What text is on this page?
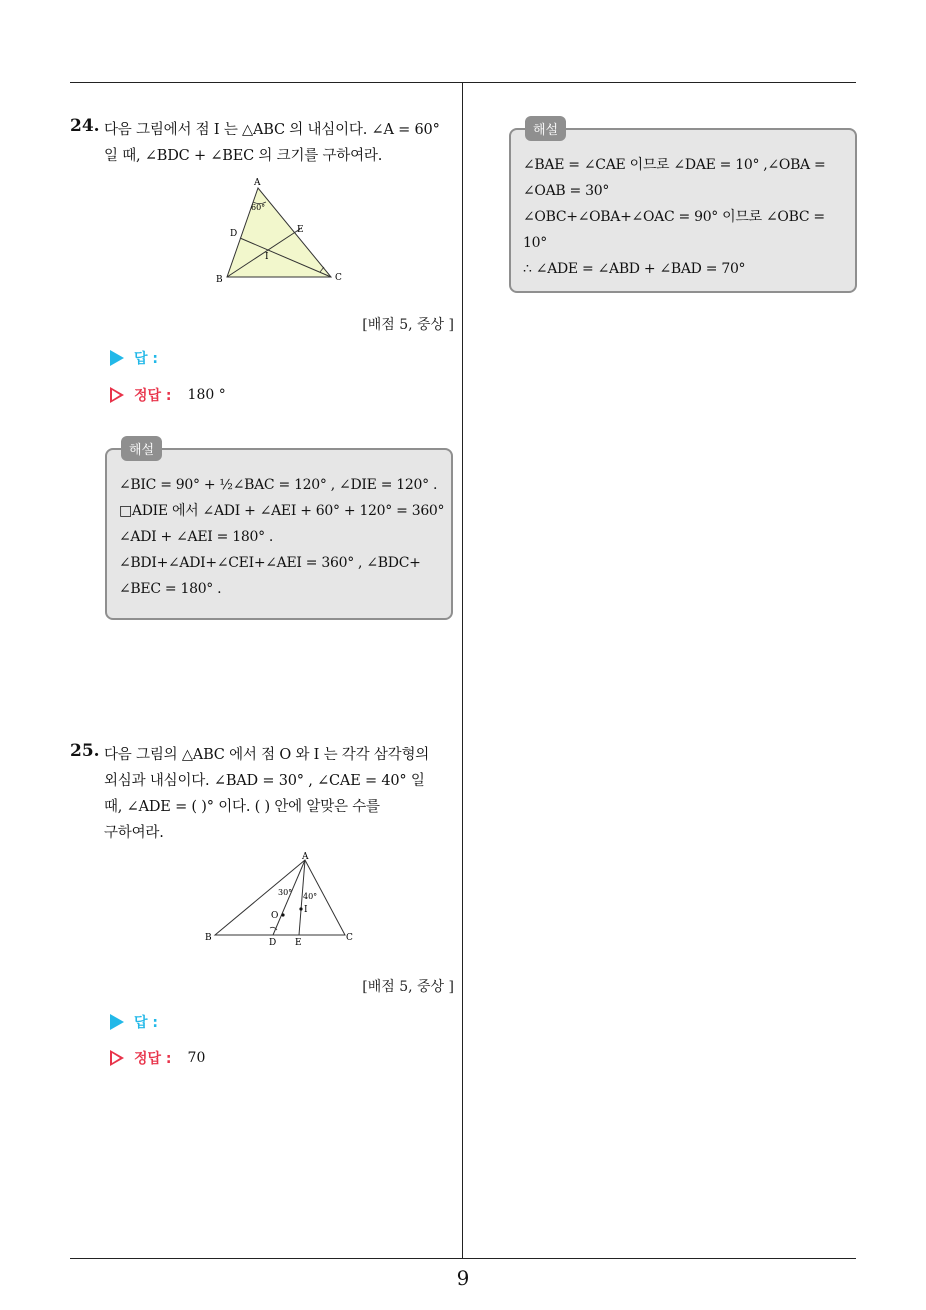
24. 다음 그림에서 점 I 는 △ABC 의 내심이다. ∠A = 60°
일 때, ∠BDC + ∠BEC 의 크기를 구하여라.
A
60°
D	E
I
B	C
[배점 5, 중상 ]
답 :
정답 : 180 °
해설
∠BIC = 90° + ½∠BAC = 120° , ∠DIE = 120° .
□ADIE 에서 ∠ADI + ∠AEI + 60° + 120° = 360°
∠ADI + ∠AEI = 180° .
∠BDI+∠ADI+∠CEI+∠AEI = 360° , ∠BDC+
∠BEC = 180° .
25. 다음 그림의 △ABC 에서 점 O 와 I 는 각각 삼각형의
외심과 내심이다. ∠BAD = 30° , ∠CAE = 40° 일
때, ∠ADE = ( )° 이다. ( ) 안에 알맞은 수를
구하여라.
A
30° 40°
O
I
B	D E	C
[배점 5, 중상 ]
답 :
정답 : 70
해설
∠BAE = ∠CAE 이므로 ∠DAE = 10° ,∠OBA =
∠OAB = 30°
∠OBC+∠OBA+∠OAC = 90° 이므로 ∠OBC =
10°
∴ ∠ADE = ∠ABD + ∠BAD = 70°
9
